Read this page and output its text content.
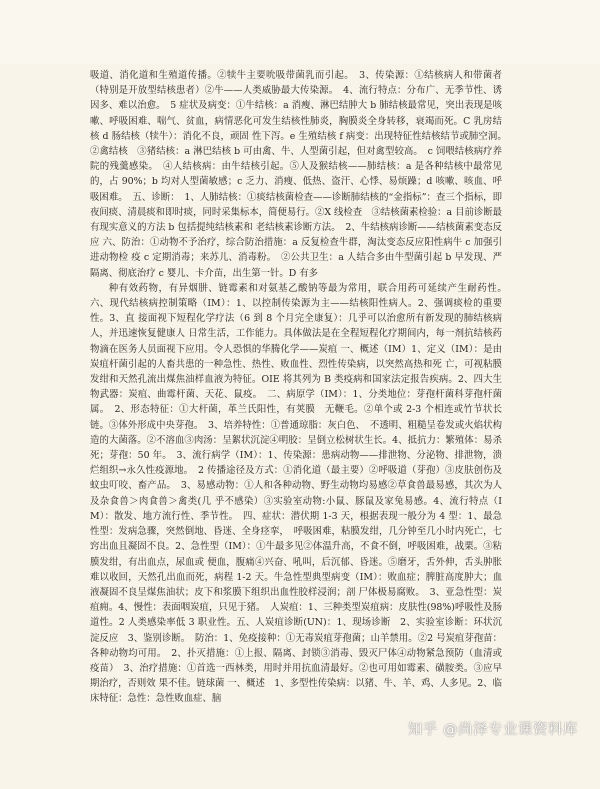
吸道、消化道和生殖道传播。②犊牛主要吮吸带菌乳而引起。　3、传染源：①结核病人和带菌者（特别是开放型结核患者）②牛——人类威胁最大传染源。　4、流行特点：分布广、无季节性、诱因多、难以治愈。　5 症状及病变：①牛结核：a 消瘦、淋巴结肿大 b 肺结核最常见，突出表现是咳嗽、呼吸困难、喘气、贫血，病情恶化可发生结核性肺炎，胸膜炎全身转移，衰竭而死。C 乳房结核 d 肠结核（犊牛）：消化不良，顽固 性下泻。e 生殖结核 f 病变：出现特征性结核结节或肺空洞。　②禽结核　③猪结核：a 淋巴结核 b 可由禽、牛、人型菌引起，但对禽型较高。　c 饲喂结核病疗养院的残羹感染。　④人结核病：由牛结核引起。⑤人及猴结核——肺结核：a 是各种结核中最常见的，占 90%；b 均对人型菌敏感；c 乏力、消瘦、低热、盗汗、心悸、易烦躁；d 咳嗽、咳血、呼吸困难。　五、诊断：　1、人肺结核：①痰结核菌检查——诊断肺结核的“金指标”：查三个指标，即夜间痰、清晨痰和即时痰，同时采集标本，简便易行。②X 线检查　③结核菌素检验：a 目前诊断最有现实意义的方法 b 包括提纯结核素和 老结核素诊断方法。　2、牛结核病诊断——结核菌素变态反应 六、防治：①动物不予治疗，综合防治措施：a 反复检查牛群，淘汰变态反应阳性病牛 c 加强引进动物检 疫 c 定期消毒；来苏儿、消毒粉。　②公共卫生：a 人结合多由牛型菌引起 b 早发现、严隔离、彻底治疗 c 婴儿、卡介苗，出生第一针。D 有多

种有效药物，有异烟肼、链霉素和对氨基乙酸钠等最为常用，联合用药可延续产生耐药性。　六、现代结核病控制策略（IM）：1、以控制传染源为主——结核阳性病人。2、强调痰检的重要性。3、直 接面视下短程化学疗法（6 到 8 个月完全康复）：几乎可以治愈所有新发现的肺结核病人，并迅速恢复健康人 日常生活，工作能力。具体做法是在全程短程化疗期间内，每一剂抗结核药物滴在医务人员面视下应用。令人恐惧的华腾化学——炭疽 一、概述（IM）1、定义（IM）：是由炭疽杆菌引起的人畜共患的一种急性、热性、败血性、烈性传染病，以突然高热和死 亡，可视粘膜发绀和天然孔流出煤焦油样血液为特征。OIE 将其列为 B 类疫病和国家法定报告疾病。2、四大生物武器：炭疽、曲霉杆菌、天花、鼠疫。　二、病原学（IM）：1、分类地位：芽孢杆菌科芽孢杆菌属。　2、形态特征：①大杆菌，革兰氏阳性，有荚膜　无鞭毛。②单个或 2-3 个相连或竹节状长链。③体外形成中央芽孢。　3、培养特性：①普通琼脂：灰白色、　不透明、粗糙呈卷发或火焰状构造的大菌落。②不溶血③肉汤：呈絮状沉淀④明胶：呈倒立松树状生长。4、抵抗力：繁殖体：易杀死；芽孢：50 年。　3、流行病学（IM）：1、传染源：患病动物——排泄物、分泌物、排泄物，溃烂组织→永久性疫源地。　2 传播途径及方式：①消化道（最主要）②呼吸道（芽孢）③皮肤创伤及蚊虫叮咬、畜产品。　3、易感动物：①人和各种动物、野生动物均易感②草食兽最易感，其次为人及杂食兽＞肉食兽＞禽类(几 乎不感染）③实验室动物:小鼠、豚鼠及家兔易感。4、流行特点（IM）：散发、地方流行性、季节性。　四、症状：潜伏期 1-3 天，根据表现一般分为 4 型：1、最急性型：发病急骤，突然倒地、昏迷、全身痉挛，　呼吸困难，粘膜发绀，几分钟至几小时内死亡，七窍出血且凝固不良。2、急性型（IM）：①牛最多见②体温升高，不食不倒，呼吸困难，战栗。③粘膜发绀，有出血点，尿血或 便血，腹痛④兴奋、吼叫，后沉郁、昏迷。⑤磨牙，舌外伸，舌头肿胀难以收回，天然孔出血而死，病程 1-2 天。牛急性型典型病变（IM）：败血症；脾脏高度肿大；血液凝固不良呈煤焦油状；皮下和浆膜下组织出血性胶样浸润；剖 尸体极易腐败。　3、亚急性型：炭疽痈。4、慢性：表面咽炭疽，只见于猪。　人炭疽：1、三种类型炭疽病：皮肤性(98%)呼吸性及肠道性。2 人类感染率低 3 职业性。五、人炭疽诊断(UN)：1、现场诊断　2、实验室诊断：环状沉淀反应　3、鉴别诊断。　防治：1、免疫接种：①无毒炭疽芽孢菌；山羊禁用。②2 号炭疽芽孢苗：各种动物均可用。　2、扑灭措施：①上报、隔离、封锁③消毒、毁灭尸体④动物紧急预防（血清或疫苗）　3、治疗措施：①首选一西林类，用时并用抗血清最好。②也可用如霉素、磺胺类。③应早期治疗，否则效 果不佳。链球菌 一、概述　1、多型性传染病：以猪、牛、羊、鸡、人多见。2、临床特征：急性：急性败血症、脑

知乎 @尚泽专业课资料库
